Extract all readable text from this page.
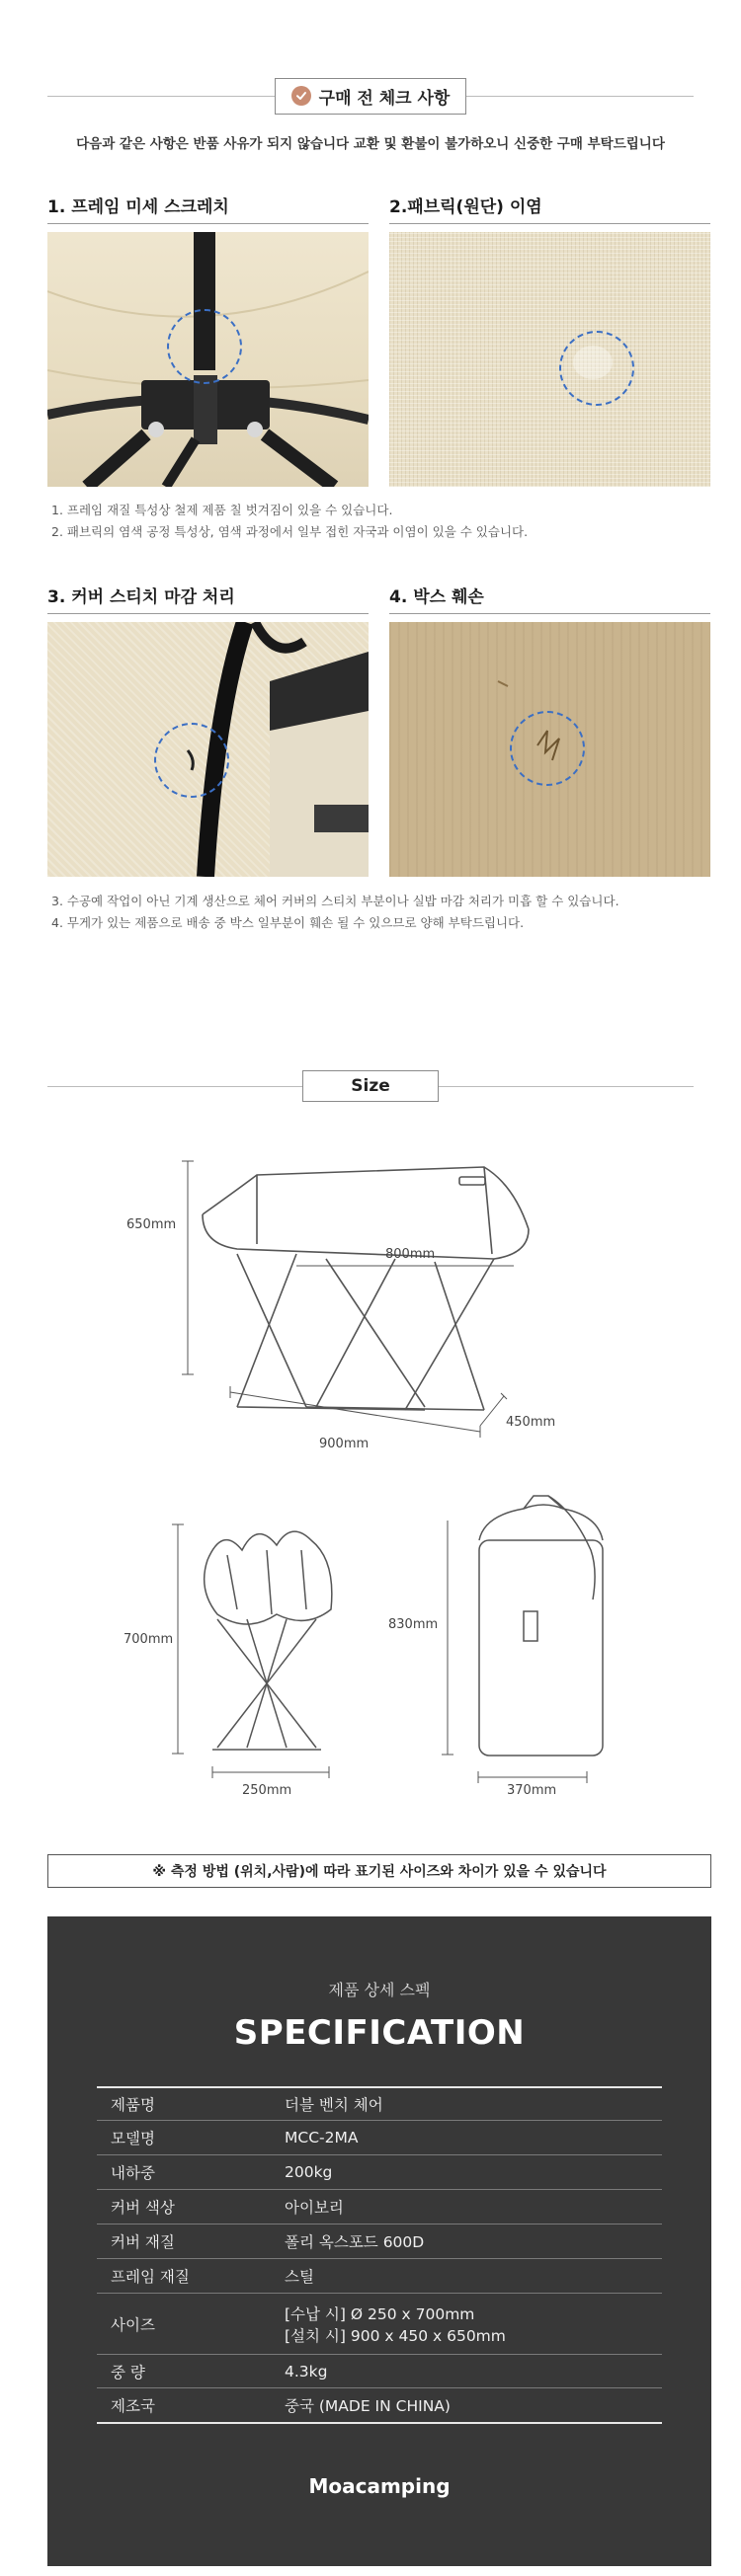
구매 전 체크 사항
다음과 같은 사항은 반품 사유가 되지 않습니다 교환 및 환불이 불가하오니 신중한 구매 부탁드립니다
1. 프레임 미세 스크레치	2.패브릭(원단) 이염
1. 프레임 재질 특성상 철제 제품 칠 벗겨짐이 있을 수 있습니다.
2. 패브릭의 염색 공정 특성상, 염색 과정에서 일부 접힌 자국과 이염이 있을 수 있습니다.
3. 커버 스티치 마감 처리	4. 박스 훼손
3. 수공예 작업이 아닌 기계 생산으로 체어 커버의 스티치 부분이나 실밥 마감 처리가 미흡 할 수 있습니다.
4. 무게가 있는 제품으로 배송 중 박스 일부분이 훼손 될 수 있으므로 양해 부탁드립니다.
Size
650mm
800mm
900mm
450mm
700mm
250mm
830mm
370mm
※ 측정 방법 (위치,사람)에 따라 표기된 사이즈와 차이가 있을 수 있습니다
제품 상세 스펙
SPECIFICATION
제품명	더블 벤치 체어
모델명	MCC-2MA
내하중	200kg
커버 색상	아이보리
커버 재질	폴리 옥스포드 600D
프레임 재질	스틸
사이즈
[수납 시] Ø 250 x 700mm
[설치 시] 900 x 450 x 650mm
중 량	4.3kg
제조국	중국 (MADE IN CHINA)
Moacamping
